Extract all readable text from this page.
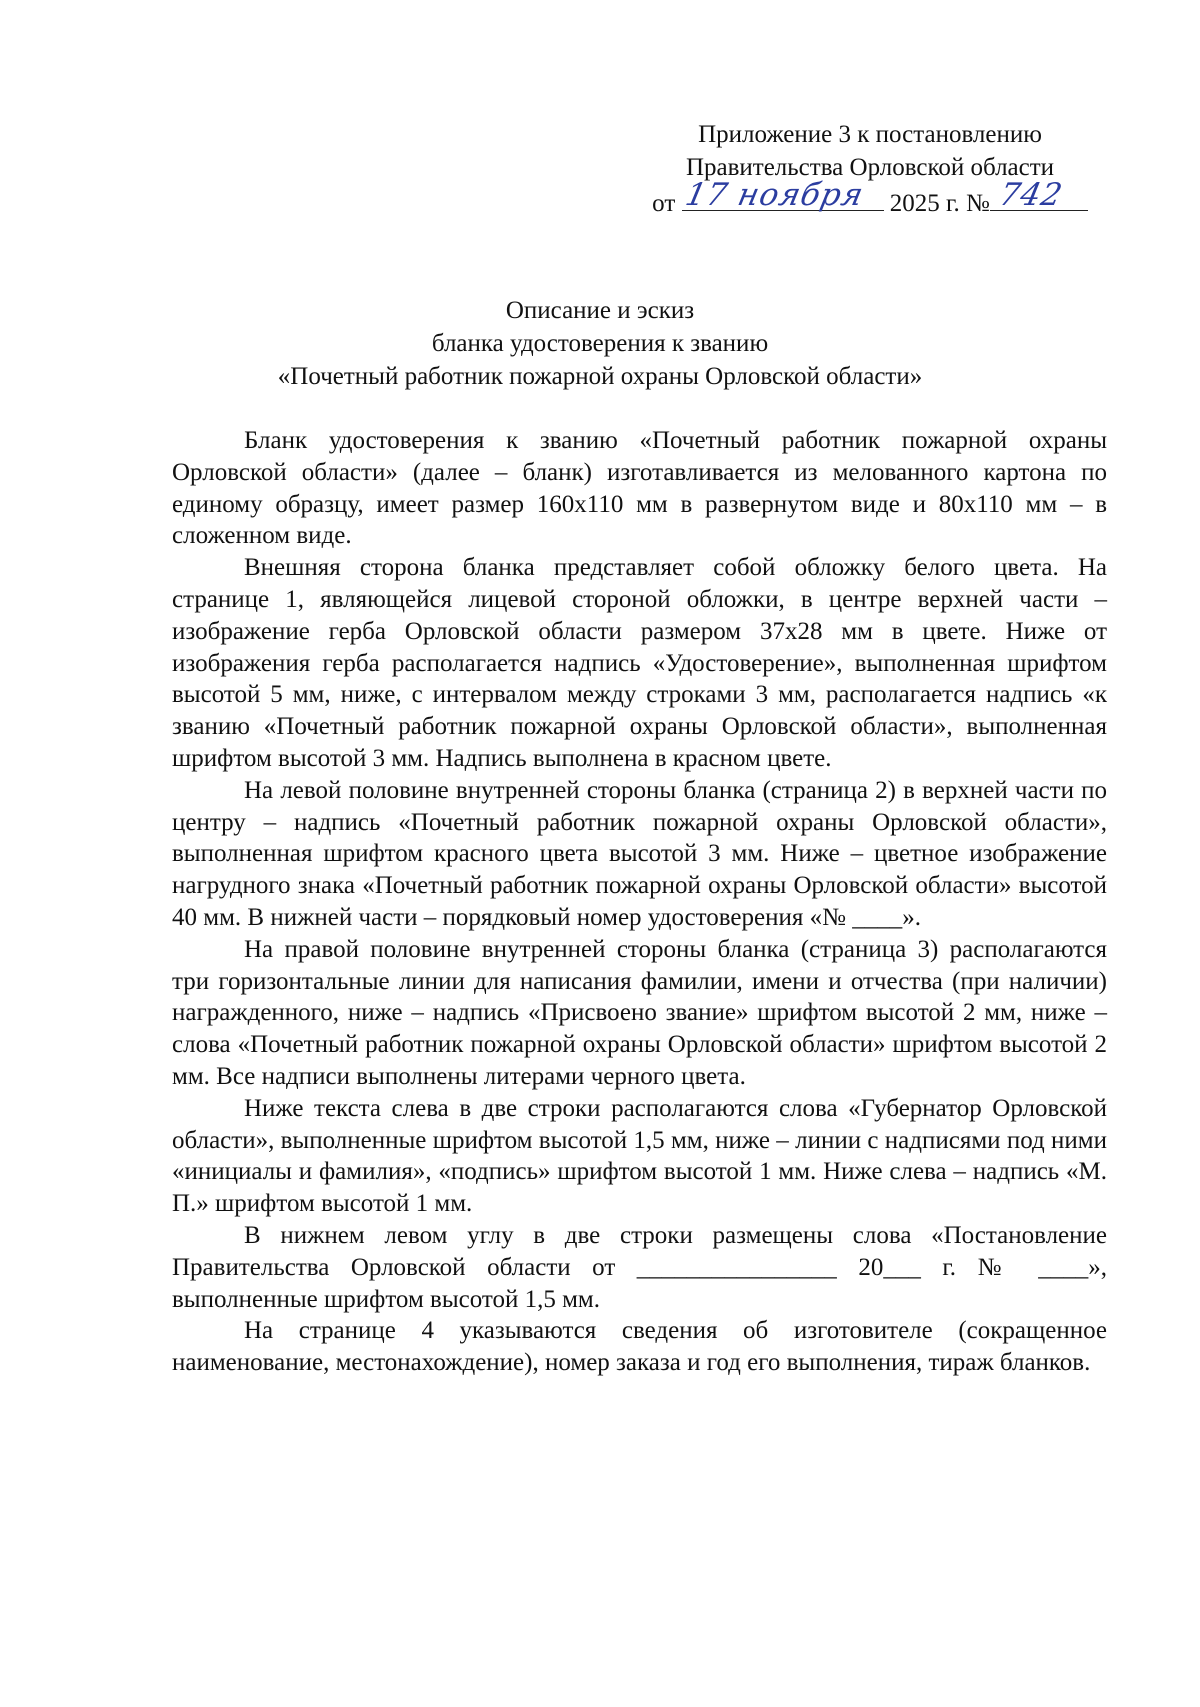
Приложение 3 к постановлению
Правительства Орловской области
от 17 ноября 2025 г. № 742
Описание и эскиз
бланка удостоверения к званию
«Почетный работник пожарной охраны Орловской области»

Бланк удостоверения к званию «Почетный работник пожарной охраны Орловской области» (далее – бланк) изготавливается из мелованного картона по единому образцу, имеет размер 160х110 мм в развернутом виде и 80х110 мм – в сложенном виде.

Внешняя сторона бланка представляет собой обложку белого цвета. На странице 1, являющейся лицевой стороной обложки, в центре верхней части – изображение герба Орловской области размером 37х28 мм в цвете. Ниже от изображения герба располагается надпись «Удостоверение», выполненная шрифтом высотой 5 мм, ниже, с интервалом между строками 3 мм, располагается надпись «к званию «Почетный работник пожарной охраны Орловской области», выполненная шрифтом высотой 3 мм. Надпись выполнена в красном цвете.

На левой половине внутренней стороны бланка (страница 2) в верхней части по центру – надпись «Почетный работник пожарной охраны Орловской области», выполненная шрифтом красного цвета высотой 3 мм. Ниже – цветное изображение нагрудного знака «Почетный работник пожарной охраны Орловской области» высотой 40 мм. В нижней части – порядковый номер удостоверения «№ ____».

На правой половине внутренней стороны бланка (страница 3) располагаются три горизонтальные линии для написания фамилии, имени и отчества (при наличии) награжденного, ниже – надпись «Присвоено звание» шрифтом высотой 2 мм, ниже – слова «Почетный работник пожарной охраны Орловской области» шрифтом высотой 2 мм. Все надписи выполнены литерами черного цвета.

Ниже текста слева в две строки располагаются слова «Губернатор Орловской области», выполненные шрифтом высотой 1,5 мм, ниже – линии с надписями под ними «инициалы и фамилия», «подпись» шрифтом высотой 1 мм. Ниже слева – надпись «М. П.» шрифтом высотой 1 мм.

В нижнем левом углу в две строки размещены слова «Постановление Правительства Орловской области от ________________ 20___ г. № ____», выполненные шрифтом высотой 1,5 мм.

На странице 4 указываются сведения об изготовителе (сокращенное наименование, местонахождение), номер заказа и год его выполнения, тираж бланков.
